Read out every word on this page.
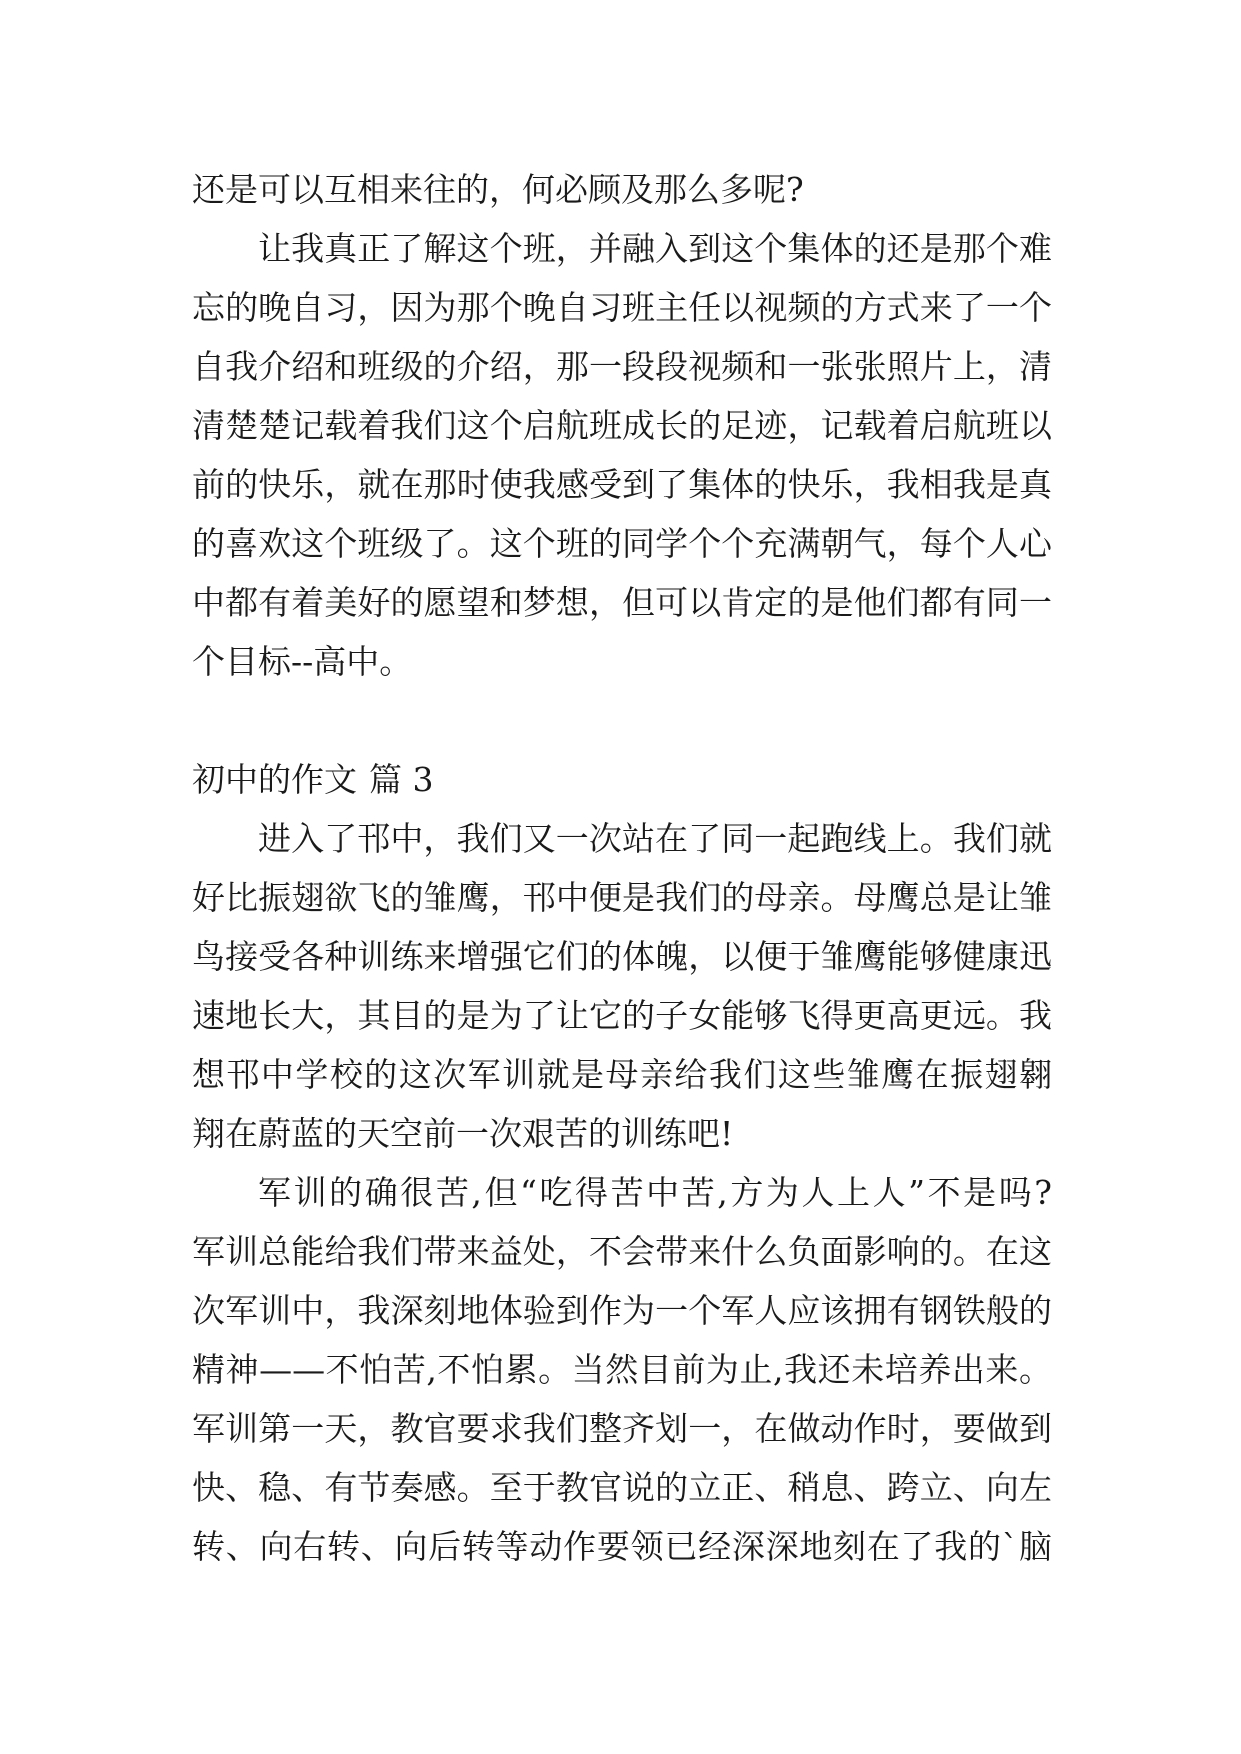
还是可以互相来往的，何必顾及那么多呢?
让我真正了解这个班，并融入到这个集体的还是那个难
忘的晚自习，因为那个晚自习班主任以视频的方式来了一个
自我介绍和班级的介绍，那一段段视频和一张张照片上，清
清楚楚记载着我们这个启航班成长的足迹，记载着启航班以
前的快乐，就在那时使我感受到了集体的快乐，我相我是真
的喜欢这个班级了。这个班的同学个个充满朝气，每个人心
中都有着美好的愿望和梦想，但可以肯定的是他们都有同一
个目标--高中。
初中的作文 篇 3
进入了邗中，我们又一次站在了同一起跑线上。我们就
好比振翅欲飞的雏鹰，邗中便是我们的母亲。母鹰总是让雏
鸟接受各种训练来增强它们的体魄，以便于雏鹰能够健康迅
速地长大，其目的是为了让它的子女能够飞得更高更远。我
想邗中学校的这次军训就是母亲给我们这些雏鹰在振翅翱
翔在蔚蓝的天空前一次艰苦的训练吧!
军训的确很苦,但“吃得苦中苦,方为人上人”不是吗?
军训总能给我们带来益处，不会带来什么负面影响的。在这
次军训中，我深刻地体验到作为一个军人应该拥有钢铁般的
精神——不怕苦,不怕累。当然目前为止,我还未培养出来。
军训第一天，教官要求我们整齐划一，在做动作时，要做到
快、稳、有节奏感。至于教官说的立正、稍息、跨立、向左
转、向右转、向后转等动作要领已经深深地刻在了我的`脑
